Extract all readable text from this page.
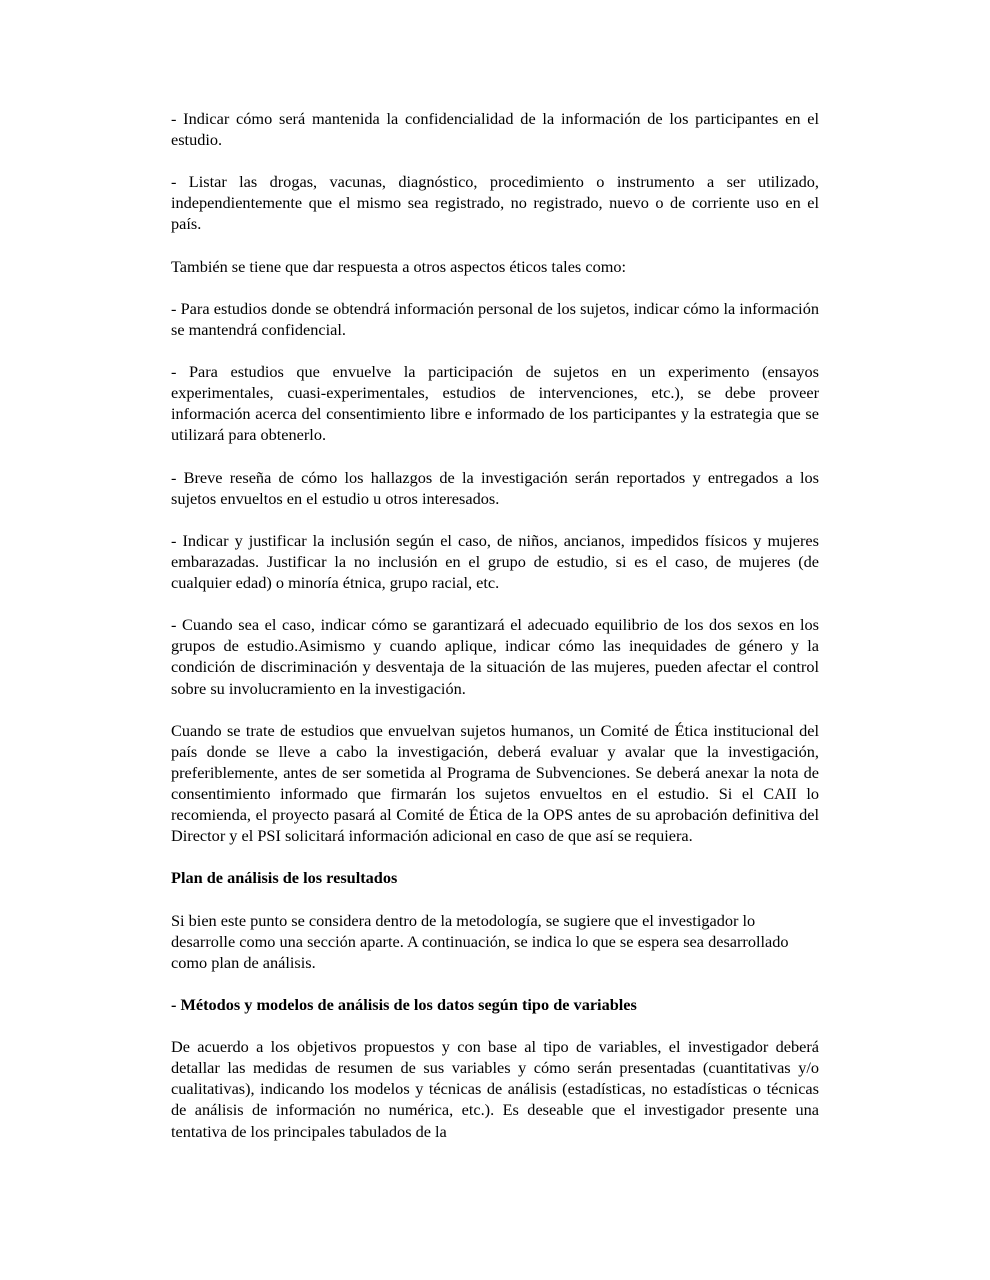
- Indicar cómo será mantenida la confidencialidad de la información de los participantes en el estudio.

- Listar las drogas, vacunas, diagnóstico, procedimiento o instrumento a ser utilizado, independientemente que el mismo sea registrado, no registrado, nuevo o de corriente uso en el país.

También se tiene que dar respuesta a otros aspectos éticos tales como:

- Para estudios donde se obtendrá información personal de los sujetos, indicar cómo la información se mantendrá confidencial.

- Para estudios que envuelve la participación de sujetos en un experimento (ensayos experimentales, cuasi-experimentales, estudios de intervenciones, etc.), se debe proveer información acerca del consentimiento libre e informado de los participantes y la estrategia que se utilizará para obtenerlo.

- Breve reseña de cómo los hallazgos de la investigación serán reportados y entregados a los sujetos envueltos en el estudio u otros interesados.

- Indicar y justificar la inclusión según el caso, de niños, ancianos, impedidos físicos y mujeres embarazadas. Justificar la no inclusión en el grupo de estudio, si es el caso, de mujeres (de cualquier edad) o minoría étnica, grupo racial, etc.

- Cuando sea el caso, indicar cómo se garantizará el adecuado equilibrio de los dos sexos en los grupos de estudio.Asimismo y cuando aplique, indicar cómo las inequidades de género y la condición de discriminación y desventaja de la situación de las mujeres, pueden afectar el control sobre su involucramiento en la investigación.

Cuando se trate de estudios que envuelvan sujetos humanos, un Comité de Ética institucional del país donde se lleve a cabo la investigación, deberá evaluar y avalar que la investigación, preferiblemente, antes de ser sometida al Programa de Subvenciones. Se deberá anexar la nota de consentimiento informado que firmarán los sujetos envueltos en el estudio. Si el CAII lo recomienda, el proyecto pasará al Comité de Ética de la OPS antes de su aprobación definitiva del Director y el PSI solicitará información adicional en caso de que así se requiera.

Plan de análisis de los resultados

Si bien este punto se considera dentro de la metodología, se sugiere que el investigador lo desarrolle como una sección aparte. A continuación, se indica lo que se espera sea desarrollado como plan de análisis.

- Métodos y modelos de análisis de los datos según tipo de variables

De acuerdo a los objetivos propuestos y con base al tipo de variables, el investigador deberá detallar las medidas de resumen de sus variables y cómo serán presentadas (cuantitativas y/o cualitativas), indicando los modelos y técnicas de análisis (estadísticas, no estadísticas o técnicas de análisis de información no numérica, etc.). Es deseable que el investigador presente una tentativa de los principales tabulados de la
